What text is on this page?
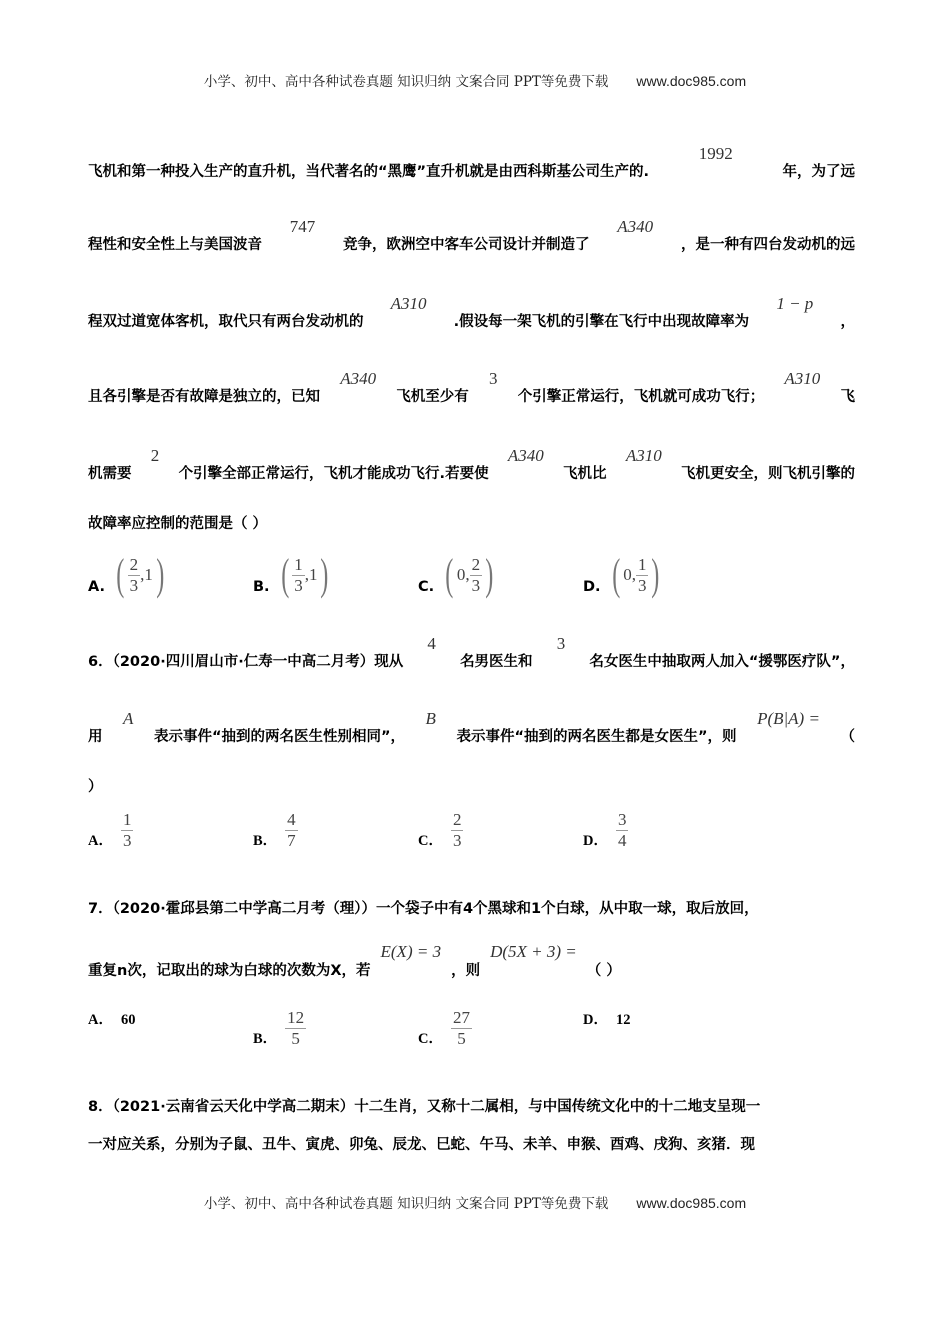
小学、初中、高中各种试卷真题 知识归纳 文案合同 PPT等免费下载 www.doc985.com
飞机和第一种投入生产的直升机，当代著名的“黑鹰”直升机就是由西科斯基公司生产的.
1992
年，为了远
程性和安全性上与美国波音
747
竞争，欧洲空中客车公司设计并制造了
A340
，是一种有四台发动机的远
程双过道宽体客机，取代只有两台发动机的
A310
.假设每一架飞机的引擎在飞行中出现故障率为
1 − p
，
且各引擎是否有故障是独立的，已知
A340
飞机至少有
3
个引擎正常运行，飞机就可成功飞行；
A310
飞
机需要
2
个引擎全部正常运行，飞机才能成功飞行.若要使
A340
飞机比
A310
飞机更安全，则飞机引擎的
故障率应控制的范围是（ ）
6．（2020·四川眉山市·仁寿一中高二月考）现从
4
名男医生和
3
名女医生中抽取两人加入“援鄂医疗队”，
用
A
表示事件“抽到的两名医生性别相同”，
B
表示事件“抽到的两名医生都是女医生”，则
P(B|A) =
（
）
7．（2020·霍邱县第二中学高二月考（理））一个袋子中有4个黑球和1个白球，从中取一球，取后放回，
重复n次，记取出的球为白球的次数为X，若E(X) = 3，则D(5X + 3) =（ ）
8．（2021·云南省云天化中学高二期末）十二生肖，又称十二属相，与中国传统文化中的十二地支呈现一
一对应关系，分别为子鼠、丑牛、寅虎、卯兔、辰龙、巳蛇、午马、未羊、申猴、酉鸡、戌狗、亥猪．现
A. ( $\frac{2}{3} ,1$ )	B. ( $\frac{1}{3} ,1$ )	C. ( 0, $\frac{2}{3}$ )	D. ( 0, $\frac{1}{3}$ )
A． $\frac{1}{3}$	B． $\frac{4}{7}$	C． $\frac{2}{3}$	D． $\frac{3}{4}$
A． 60
B． $\frac{12}{5}$	C． $\frac{27}{5}$	D． 12
小学、初中、高中各种试卷真题 知识归纳 文案合同 PPT等免费下载 www.doc985.com
